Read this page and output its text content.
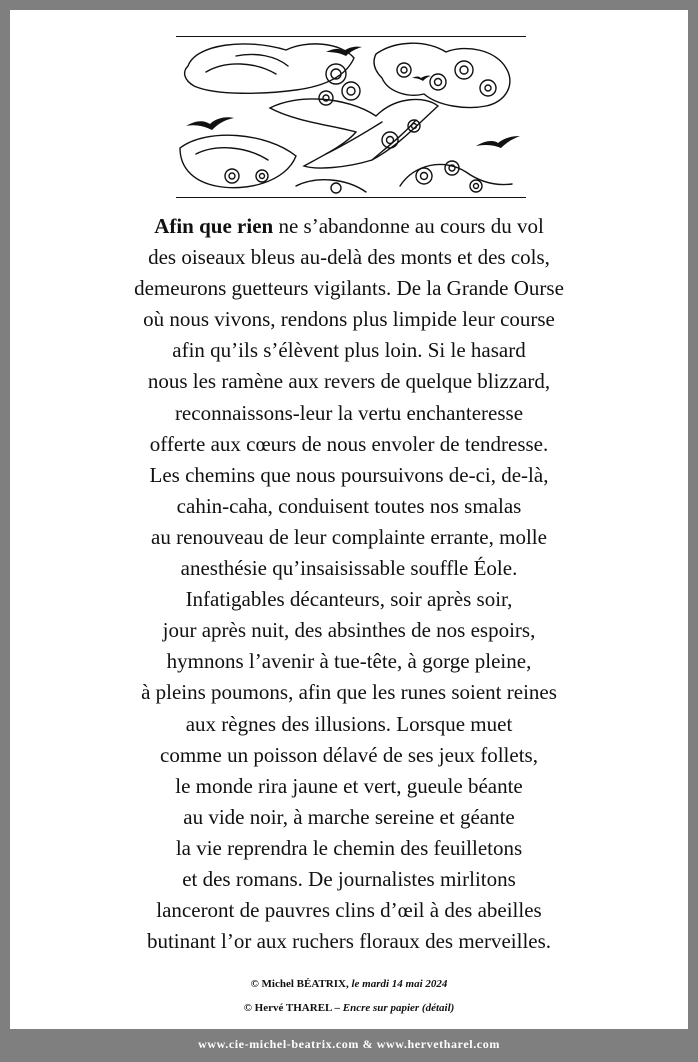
Afin que rien ne s’abandonne au cours du vol
des oiseaux bleus au-delà des monts et des cols,
demeurons guetteurs vigilants. De la Grande Ourse
où nous vivons, rendons plus limpide leur course
afin qu’ils s’élèvent plus loin. Si le hasard
nous les ramène aux revers de quelque blizzard,
reconnaissons-leur la vertu enchanteresse
offerte aux cœurs de nous envoler de tendresse.
Les chemins que nous poursuivons de-ci, de-là,
cahin-caha, conduisent toutes nos smalas
au renouveau de leur complainte errante, molle
anesthésie qu’insaisissable souffle Éole.
Infatigables décanteurs, soir après soir,
jour après nuit, des absinthes de nos espoirs,
hymnons l’avenir à tue-tête, à gorge pleine,
à pleins poumons, afin que les runes soient reines
aux règnes des illusions. Lorsque muet
comme un poisson délavé de ses jeux follets,
le monde rira jaune et vert, gueule béante
au vide noir, à marche sereine et géante
la vie reprendra le chemin des feuilletons
et des romans. De journalistes mirlitons
lanceront de pauvres clins d’œil à des abeilles
butinant l’or aux ruchers floraux des merveilles.
© Michel BÉATRIX, le mardi 14 mai 2024
© Hervé THAREL – Encre sur papier (détail)
www.cie-michel-beatrix.com & www.hervetharel.com
